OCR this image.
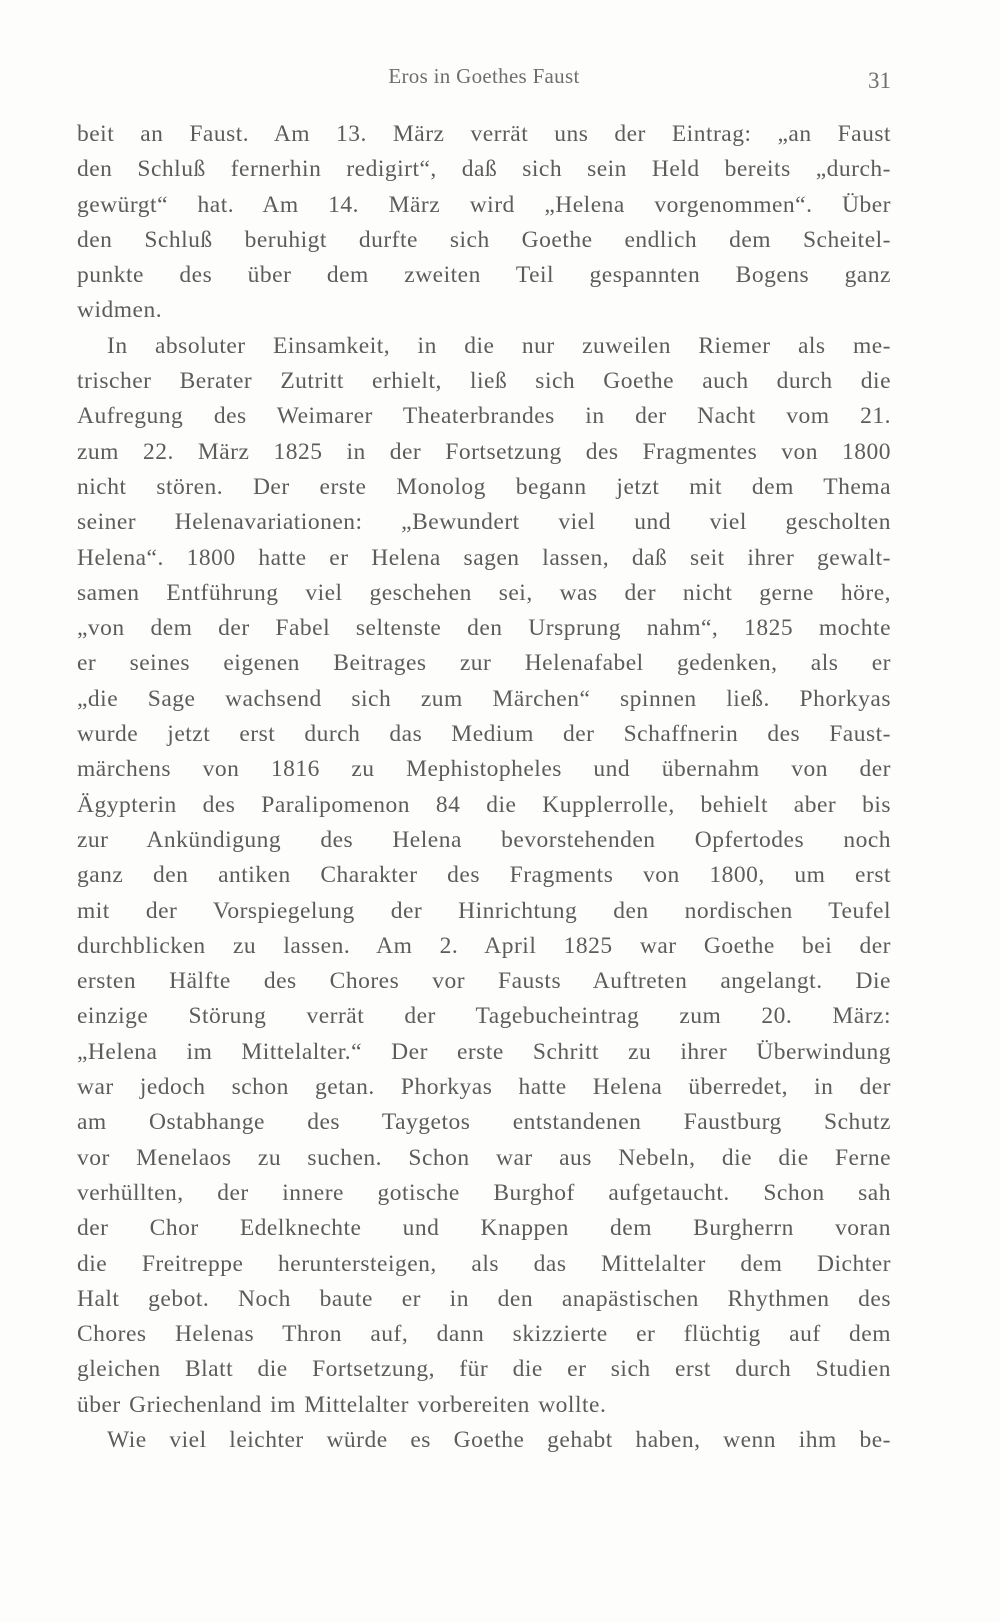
Eros in Goethes Faust	31
beit an Faust. Am 13. März verrät uns der Eintrag: „an Faust
den Schluß fernerhin redigirt“, daß sich sein Held bereits „durch-
gewürgt“ hat. Am 14. März wird „Helena vorgenommen“. Über
den Schluß beruhigt durfte sich Goethe endlich dem Scheitel-
punkte des über dem zweiten Teil gespannten Bogens ganz
widmen.
In absoluter Einsamkeit, in die nur zuweilen Riemer als me-
trischer Berater Zutritt erhielt, ließ sich Goethe auch durch die
Aufregung des Weimarer Theaterbrandes in der Nacht vom 21.
zum 22. März 1825 in der Fortsetzung des Fragmentes von 1800
nicht stören. Der erste Monolog begann jetzt mit dem Thema
seiner Helenavariationen: „Bewundert viel und viel gescholten
Helena“. 1800 hatte er Helena sagen lassen, daß seit ihrer gewalt-
samen Entführung viel geschehen sei, was der nicht gerne höre,
„von dem der Fabel seltenste den Ursprung nahm“, 1825 mochte
er seines eigenen Beitrages zur Helenafabel gedenken, als er
„die Sage wachsend sich zum Märchen“ spinnen ließ. Phorkyas
wurde jetzt erst durch das Medium der Schaffnerin des Faust-
märchens von 1816 zu Mephistopheles und übernahm von der
Ägypterin des Paralipomenon 84 die Kupplerrolle, behielt aber bis
zur Ankündigung des Helena bevorstehenden Opfertodes noch
ganz den antiken Charakter des Fragments von 1800, um erst
mit der Vorspiegelung der Hinrichtung den nordischen Teufel
durchblicken zu lassen. Am 2. April 1825 war Goethe bei der
ersten Hälfte des Chores vor Fausts Auftreten angelangt. Die
einzige Störung verrät der Tagebucheintrag zum 20. März:
„Helena im Mittelalter.“ Der erste Schritt zu ihrer Überwindung
war jedoch schon getan. Phorkyas hatte Helena überredet, in der
am Ostabhange des Taygetos entstandenen Faustburg Schutz
vor Menelaos zu suchen. Schon war aus Nebeln, die die Ferne
verhüllten, der innere gotische Burghof aufgetaucht. Schon sah
der Chor Edelknechte und Knappen dem Burgherrn voran
die Freitreppe heruntersteigen, als das Mittelalter dem Dichter
Halt gebot. Noch baute er in den anapästischen Rhythmen des
Chores Helenas Thron auf, dann skizzierte er flüchtig auf dem
gleichen Blatt die Fortsetzung, für die er sich erst durch Studien
über Griechenland im Mittelalter vorbereiten wollte.
Wie viel leichter würde es Goethe gehabt haben, wenn ihm be-
